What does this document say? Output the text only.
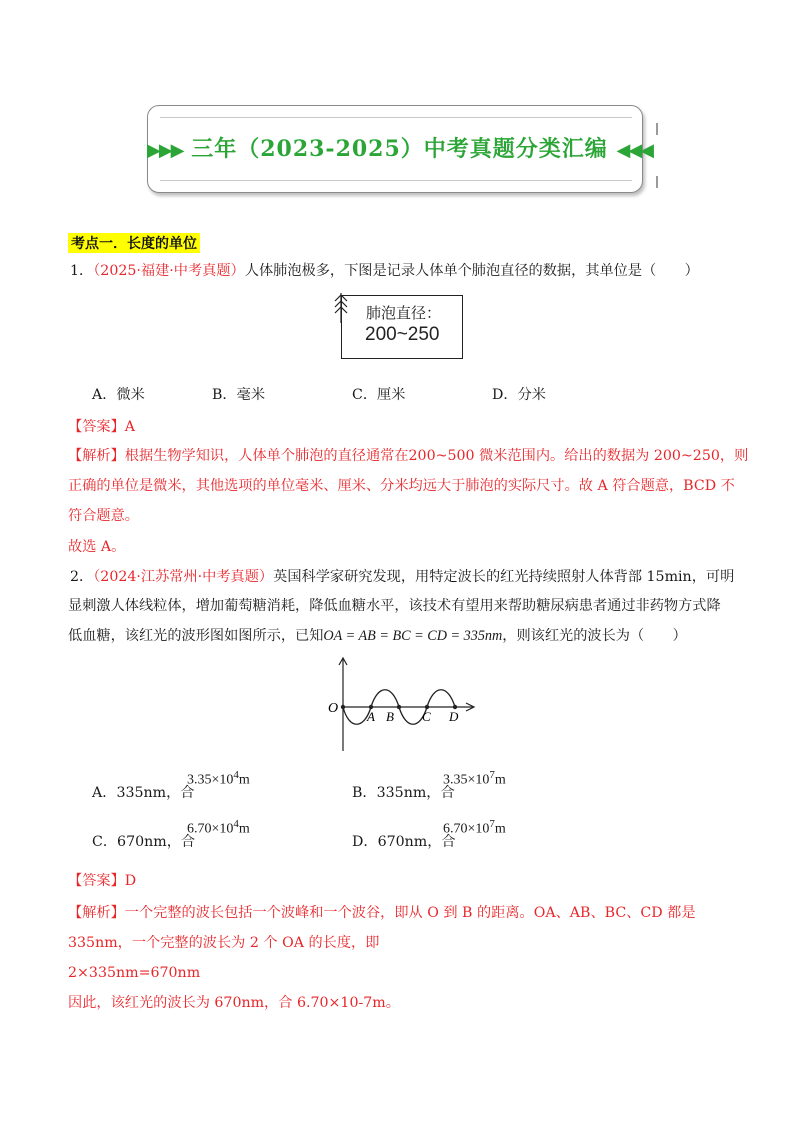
▶▶▶ 三年（2023-2025）中考真题分类汇编 ◀◀◀
考点一．长度的单位
1．（2025·福建·中考真题）人体肺泡极多，下图是记录人体单个肺泡直径的数据，其单位是（　　）
肺泡直径：
200~250
A．微米	B．毫米	C．厘米	D．分米
【答案】A
【解析】根据生物学知识，人体单个肺泡的直径通常在200~500 微米范围内。给出的数据为 200~250，则
正确的单位是微米，其他选项的单位毫米、厘米、分米均远大于肺泡的实际尺寸。故 A 符合题意，BCD 不
符合题意。
故选 A。
2．（2024·江苏常州·中考真题）英国科学家研究发现，用特定波长的红光持续照射人体背部 15min，可明
显刺激人体线粒体，增加葡萄糖消耗，降低血糖水平，该技术有望用来帮助糖尿病患者通过非药物方式降
低血糖，该红光的波形图如图所示，已知OA = AB = BC = CD = 335nm，则该红光的波长为（　　）
O
A B C D
A．335nm，合
$3.35\times 10^4m$
B．335nm，合
$3.35\times 10^7m$
C．670nm，合
$6.70\times 10^4m$
D．670nm，合
$6.70\times 10^7m$
【答案】D
【解析】一个完整的波长包括一个波峰和一个波谷，即从 O 到 B 的距离。OA、AB、BC、CD 都是
335nm，一个完整的波长为 2 个 OA 的长度，即
2×335nm=670nm
因此，该红光的波长为 670nm，合 6.70×10-7m。
